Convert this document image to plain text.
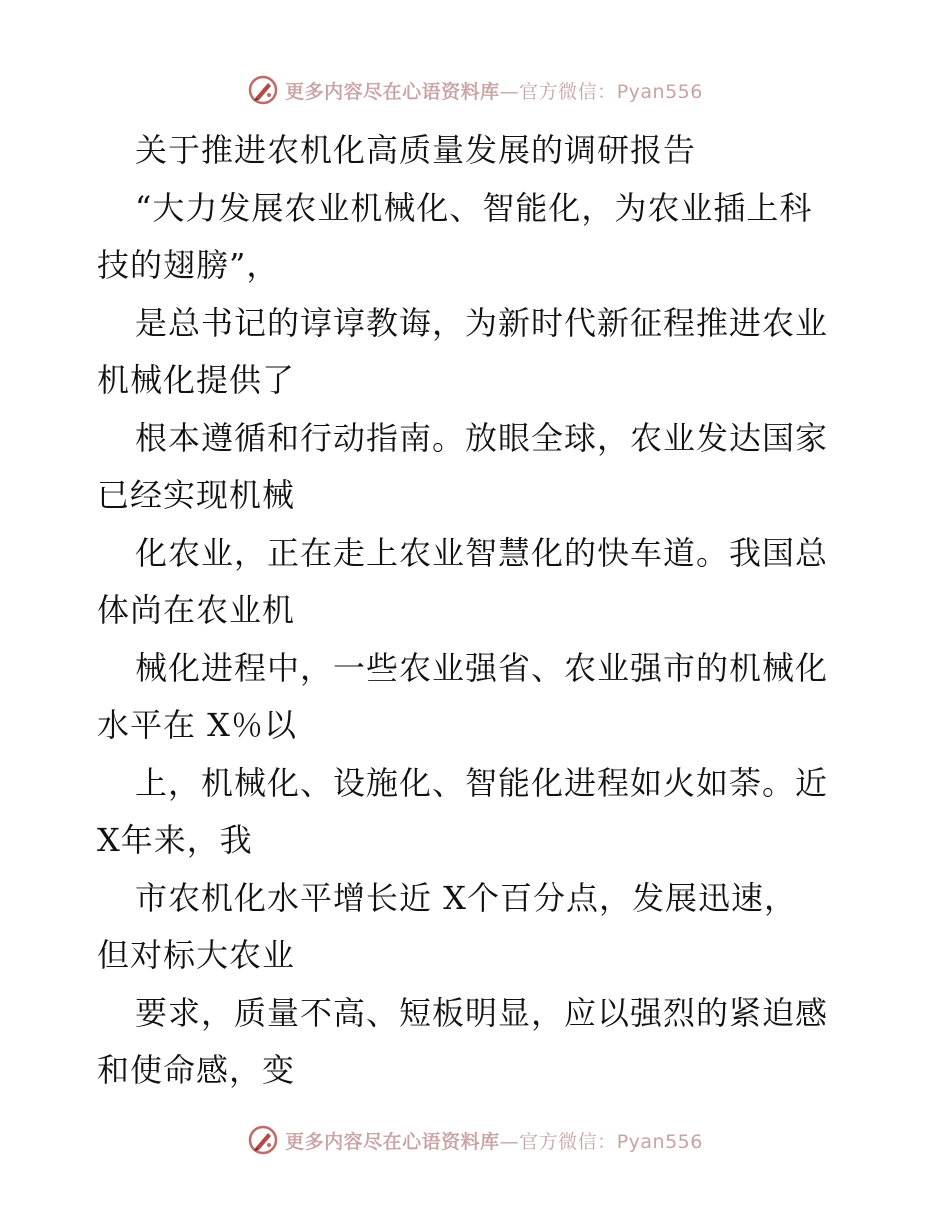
更多内容尽在心语资料库—官方微信：Pyan556
关于推进农机化高质量发展的调研报告
“大力发展农业机械化、智能化，为农业插上科
技的翅膀”，
是总书记的谆谆教诲，为新时代新征程推进农业
机械化提供了
根本遵循和行动指南。放眼全球，农业发达国家
已经实现机械
化农业，正在走上农业智慧化的快车道。我国总
体尚在农业机
械化进程中，一些农业强省、农业强市的机械化
水平在 X％以
上，机械化、设施化、智能化进程如火如荼。近
X年来，我
市农机化水平增长近 X个百分点，发展迅速，
但对标大农业
要求，质量不高、短板明显，应以强烈的紧迫感
和使命感，变
更多内容尽在心语资料库—官方微信：Pyan556
